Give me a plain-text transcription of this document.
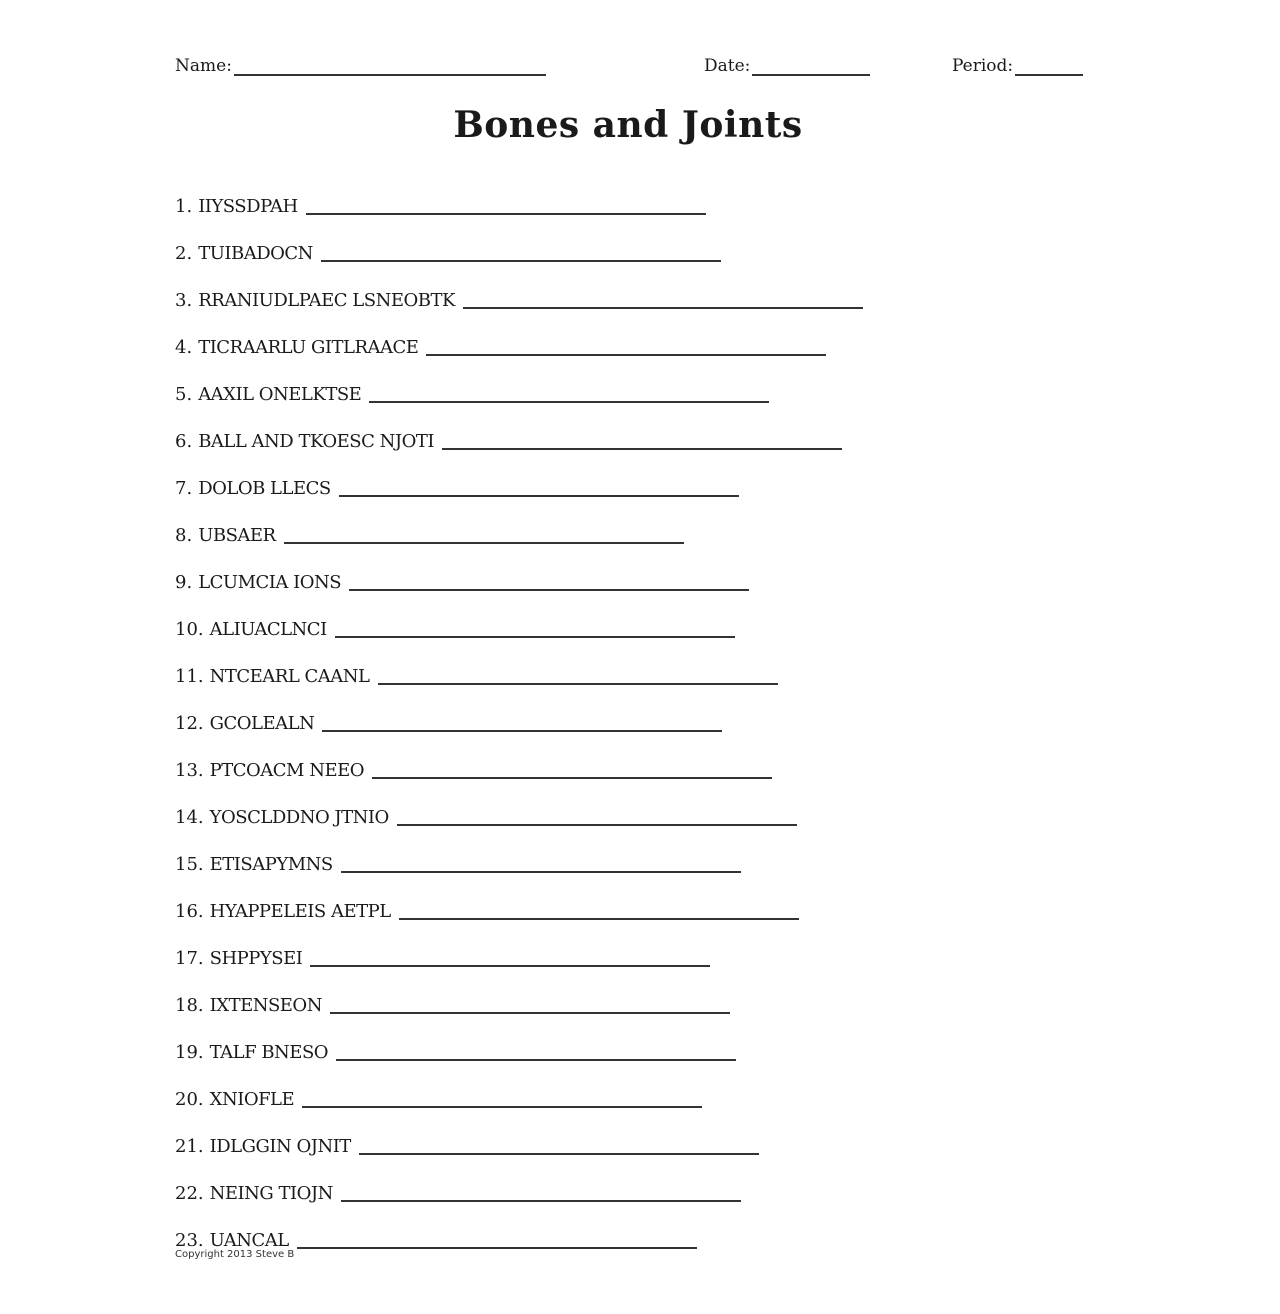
Name:	Date:	Period:
Bones and Joints
1. IIYSSDPAH
2. TUIBADOCN
3. RRANIUDLPAEC LSNEOBTK
4. TICRAARLU GITLRAACE
5. AAXIL ONELKTSE
6. BALL AND TKOESC NJOTI
7. DOLOB LLECS
8. UBSAER
9. LCUMCIA IONS
10. ALIUACLNCI
11. NTCEARL CAANL
12. GCOLEALN
13. PTCOACM NEEO
14. YOSCLDDNO JTNIO
15. ETISAPYMNS
16. HYAPPELEIS AETPL
17. SHPPYSEI
18. IXTENSEON
19. TALF BNESO
20. XNIOFLE
21. IDLGGIN OJNIT
22. NEING TIOJN
23. UANCAL
Copyright 2013 Steve B
